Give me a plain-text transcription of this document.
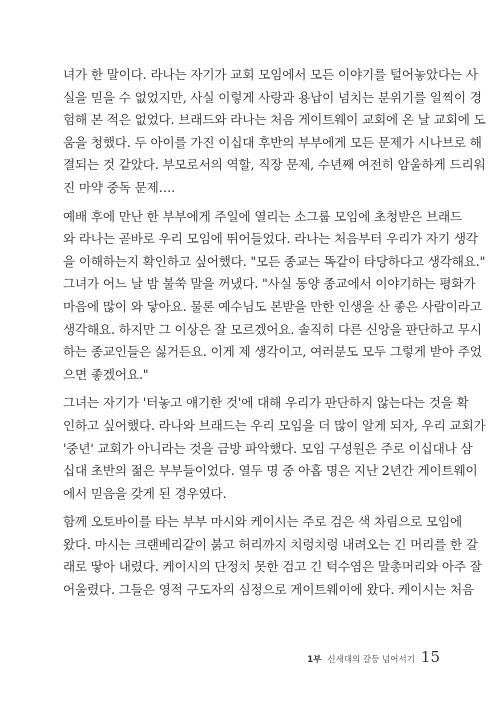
녀가 한 말이다. 라나는 자기가 교회 모임에서 모든 이야기를 털어놓았다는 사
실을 믿을 수 없었지만, 사실 이렇게 사랑과 용납이 넘치는 분위기를 일찍이 경
험해 본 적은 없었다. 브래드와 라나는 처음 게이트웨이 교회에 온 날 교회에 도
움을 청했다. 두 아이를 가진 이십대 후반의 부부에게 모든 문제가 시나브로 해
결되는 것 같았다. 부모로서의 역할, 직장 문제, 수년째 여전히 암울하게 드리워
진 마약 중독 문제….
예배 후에 만난 한 부부에게 주일에 열리는 소그룹 모임에 초청받은 브래드
와 라나는 곧바로 우리 모임에 뛰어들었다. 라나는 처음부터 우리가 자기 생각
을 이해하는지 확인하고 싶어했다. "모든 종교는 똑같이 타당하다고 생각해요."
그녀가 어느 날 밤 불쑥 말을 꺼냈다. "사실 동양 종교에서 이야기하는 평화가
마음에 많이 와 닿아요. 물론 예수님도 본받을 만한 인생을 산 좋은 사람이라고
생각해요. 하지만 그 이상은 잘 모르겠어요. 솔직히 다른 신앙을 판단하고 무시
하는 종교인들은 싫거든요. 이게 제 생각이고, 여러분도 모두 그렇게 받아 주었
으면 좋겠어요."
그녀는 자기가 '터놓고 얘기한 것'에 대해 우리가 판단하지 않는다는 것을 확
인하고 싶어했다. 라나와 브래드는 우리 모임을 더 많이 알게 되자, 우리 교회가
'중년' 교회가 아니라는 것을 금방 파악했다. 모임 구성원은 주로 이십대나 삼
십대 초반의 젊은 부부들이었다. 열두 명 중 아홉 명은 지난 2년간 게이트웨이
에서 믿음을 갖게 된 경우였다.
함께 오토바이를 타는 부부 마시와 케이시는 주로 검은 색 차림으로 모임에
왔다. 마시는 크랜베리같이 붉고 허리까지 치렁치렁 내려오는 긴 머리를 한 갈
래로 땋아 내렸다. 케이시의 단정치 못한 검고 긴 턱수염은 말총머리와 아주 잘
어울렸다. 그들은 영적 구도자의 심정으로 게이트웨이에 왔다. 케이시는 처음
1부 신세대의 갈등 넘어서기 15
